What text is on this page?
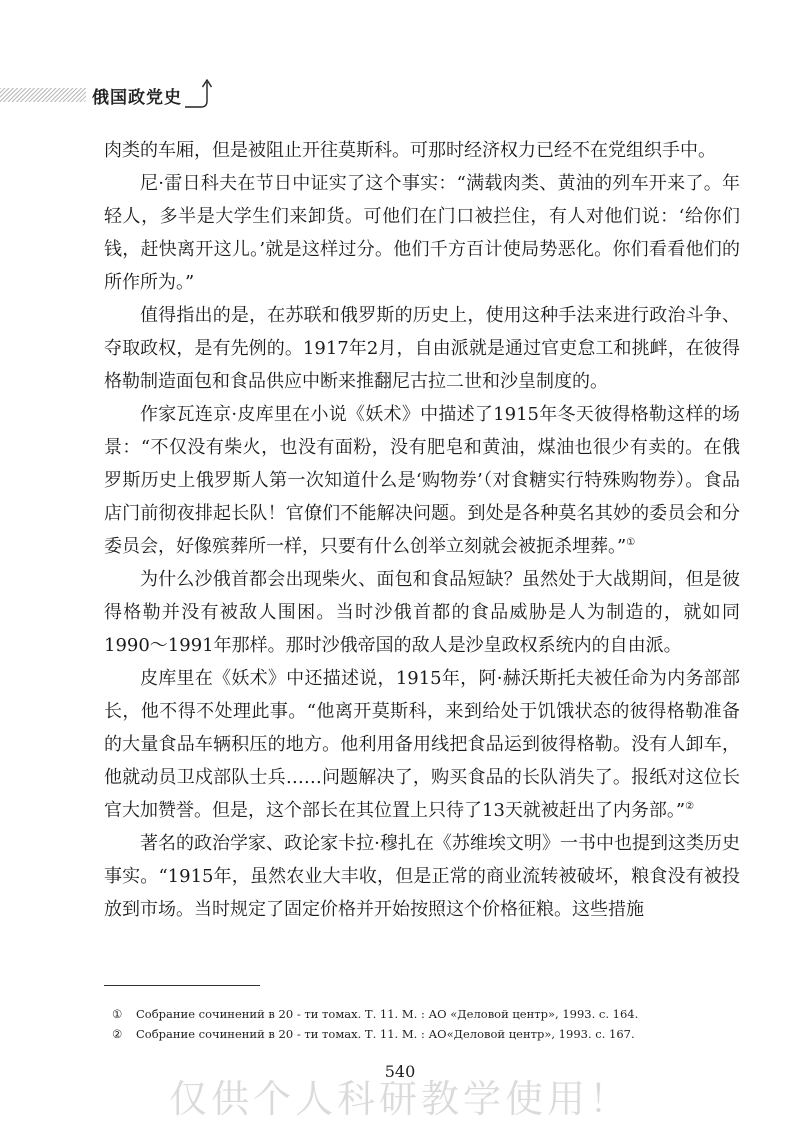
俄国政党史

肉类的车厢，但是被阻止开往莫斯科。可那时经济权力已经不在党组织手中。

尼·雷日科夫在节日中证实了这个事实：“满载肉类、黄油的列车开来了。年轻人，多半是大学生们来卸货。可他们在门口被拦住，有人对他们说：‘给你们钱，赶快离开这儿。’就是这样过分。他们千方百计使局势恶化。你们看看他们的所作所为。”

值得指出的是，在苏联和俄罗斯的历史上，使用这种手法来进行政治斗争、夺取政权，是有先例的。1917年2月，自由派就是通过官吏怠工和挑衅，在彼得格勒制造面包和食品供应中断来推翻尼古拉二世和沙皇制度的。

作家瓦连京·皮库里在小说《妖术》中描述了1915年冬天彼得格勒这样的场景：“不仅没有柴火，也没有面粉，没有肥皂和黄油，煤油也很少有卖的。在俄罗斯历史上俄罗斯人第一次知道什么是‘购物券’（对食糖实行特殊购物券）。食品店门前彻夜排起长队！官僚们不能解决问题。到处是各种莫名其妙的委员会和分委员会，好像殡葬所一样，只要有什么创举立刻就会被扼杀埋葬。”①

为什么沙俄首都会出现柴火、面包和食品短缺？虽然处于大战期间，但是彼得格勒并没有被敌人围困。当时沙俄首都的食品威胁是人为制造的，就如同1990～1991年那样。那时沙俄帝国的敌人是沙皇政权系统内的自由派。

皮库里在《妖术》中还描述说，1915年，阿·赫沃斯托夫被任命为内务部部长，他不得不处理此事。“他离开莫斯科，来到给处于饥饿状态的彼得格勒准备的大量食品车辆积压的地方。他利用备用线把食品运到彼得格勒。没有人卸车，他就动员卫戍部队士兵……问题解决了，购买食品的长队消失了。报纸对这位长官大加赞誉。但是，这个部长在其位置上只待了13天就被赶出了内务部。”②

著名的政治学家、政论家卡拉·穆扎在《苏维埃文明》一书中也提到这类历史事实。“1915年，虽然农业大丰收，但是正常的商业流转被破坏，粮食没有被投放到市场。当时规定了固定价格并开始按照这个价格征粮。这些措施

① Собрание сочинений в 20 - ти томах. Т. 11. М. : АО «Деловой центр», 1993. с. 164.
② Собрание сочинений в 20 - ти томах. Т. 11. М. : АО«Деловой центр», 1993. с. 167.
540
仅供个人科研教学使用！
